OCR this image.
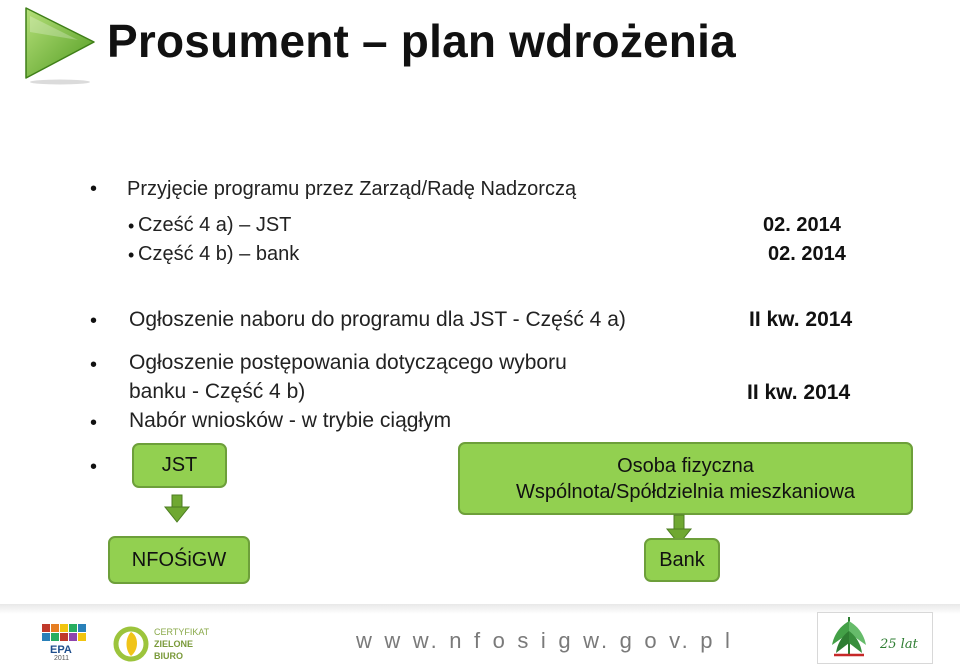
Prosument – plan wdrożenia
• Przyjęcie programu przez Zarząd/Radę Nadzorczą
• Cześć 4 a) – JST	02. 2014
• Część 4 b) – bank	02. 2014
• Ogłoszenie naboru do programu dla JST - Część 4 a)	II kw. 2014
• Ogłoszenie postępowania dotyczącego wyboru
banku - Część 4 b)	II kw. 2014
• Nabór wniosków - w trybie ciągłym
•	JST
NFOŚiGW
Osoba fizyczna
Wspólnota/Spółdzielnia mieszkaniowa
Bank
EPA
2011
CERTYFIKAT
ZIELONE
BIURO
w w w. n f o s i g w. g o v. p l	25 lat
